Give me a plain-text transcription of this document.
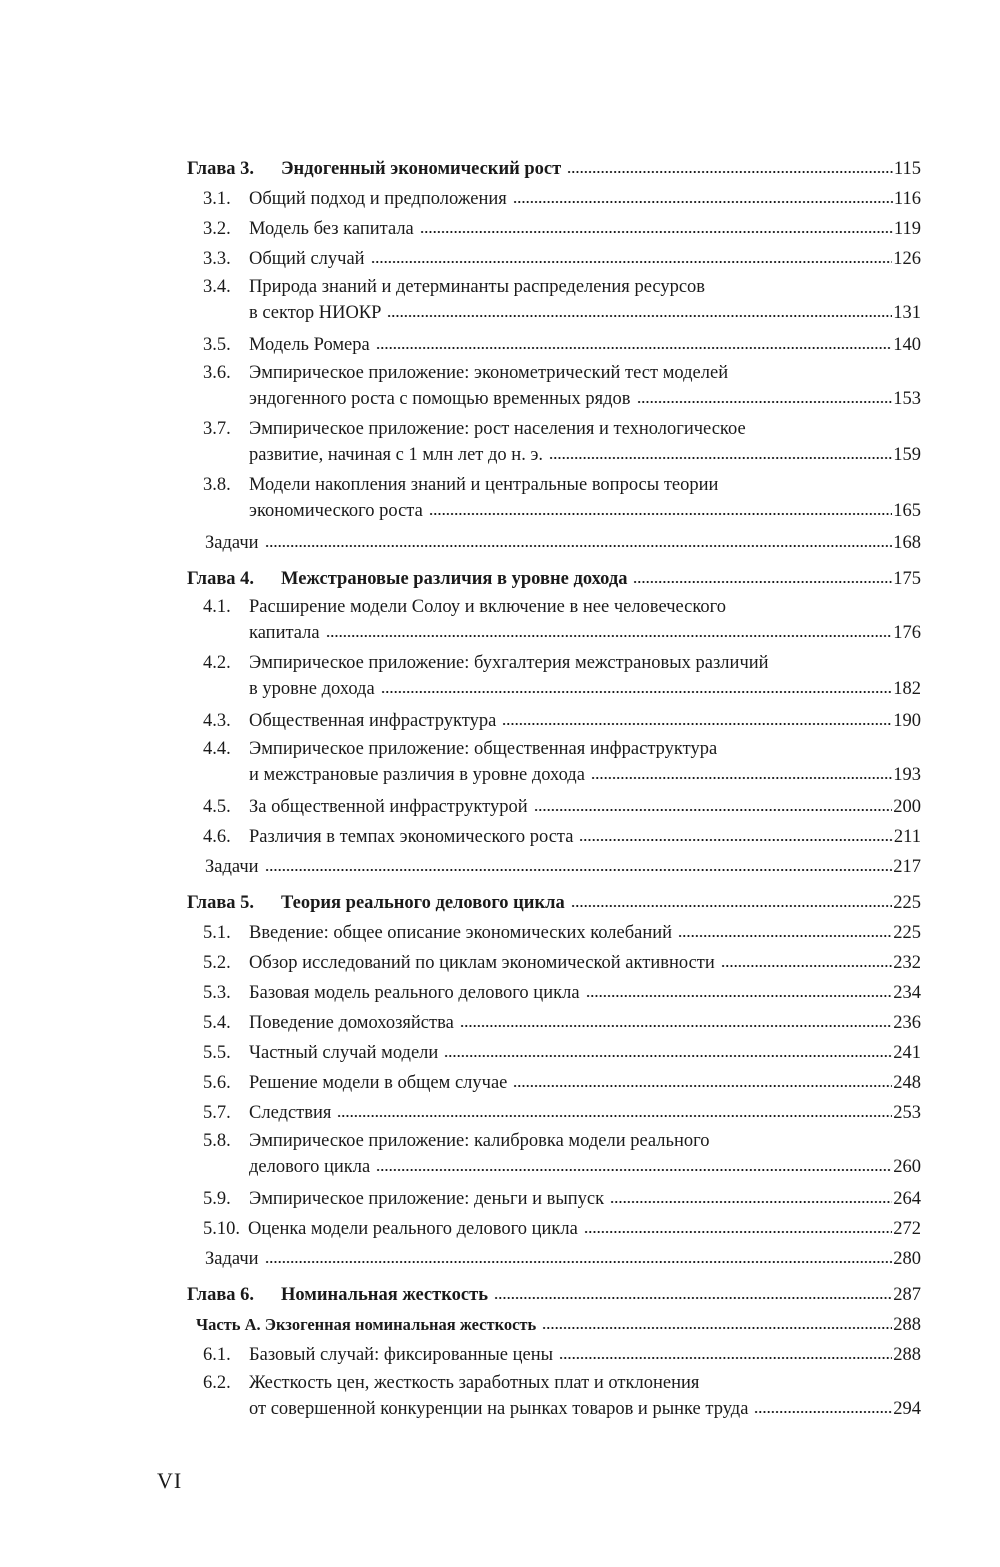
Глава 3.	Эндогенный экономический рост	115
3.1. Общий подход и предположения	116
3.2. Модель без капитала	119
3.3. Общий случай	126
3.4. Природа знаний и детерминанты распределения ресурсов
в сектор НИОКР	131
3.5. Модель Ромера	140
3.6. Эмпирическое приложение: эконометрический тест моделей
эндогенного роста с помощью временных рядов	153
3.7. Эмпирическое приложение: рост населения и технологическое
развитие, начиная с 1 млн лет до н. э.	159
3.8. Модели накопления знаний и центральные вопросы теории
экономического роста	165
Задачи	168
Глава 4.	Межстрановые различия в уровне дохода	175
4.1. Расширение модели Солоу и включение в нее человеческого
капитала	176
4.2. Эмпирическое приложение: бухгалтерия межстрановых различий
в уровне дохода	182
4.3. Общественная инфраструктура	190
4.4. Эмпирическое приложение: общественная инфраструктура
и межстрановые различия в уровне дохода	193
4.5. За общественной инфраструктурой	200
4.6. Различия в темпах экономического роста	211
Задачи	217
Глава 5.	Теория реального делового цикла	225
5.1. Введение: общее описание экономических колебаний	225
5.2. Обзор исследований по циклам экономической активности	232
5.3. Базовая модель реального делового цикла	234
5.4. Поведение домохозяйства	236
5.5. Частный случай модели	241
5.6. Решение модели в общем случае	248
5.7. Следствия	253
5.8. Эмпирическое приложение: калибровка модели реального
делового цикла	260
5.9. Эмпирическое приложение: деньги и выпуск	264
5.10. Оценка модели реального делового цикла	272
Задачи	280
Глава 6.	Номинальная жесткость	287
Часть А. Экзогенная номинальная жесткость	288
6.1. Базовый случай: фиксированные цены	288
6.2. Жесткость цен, жесткость заработных плат и отклонения
от совершенной конкуренции на рынках товаров и рынке труда	294
VI
